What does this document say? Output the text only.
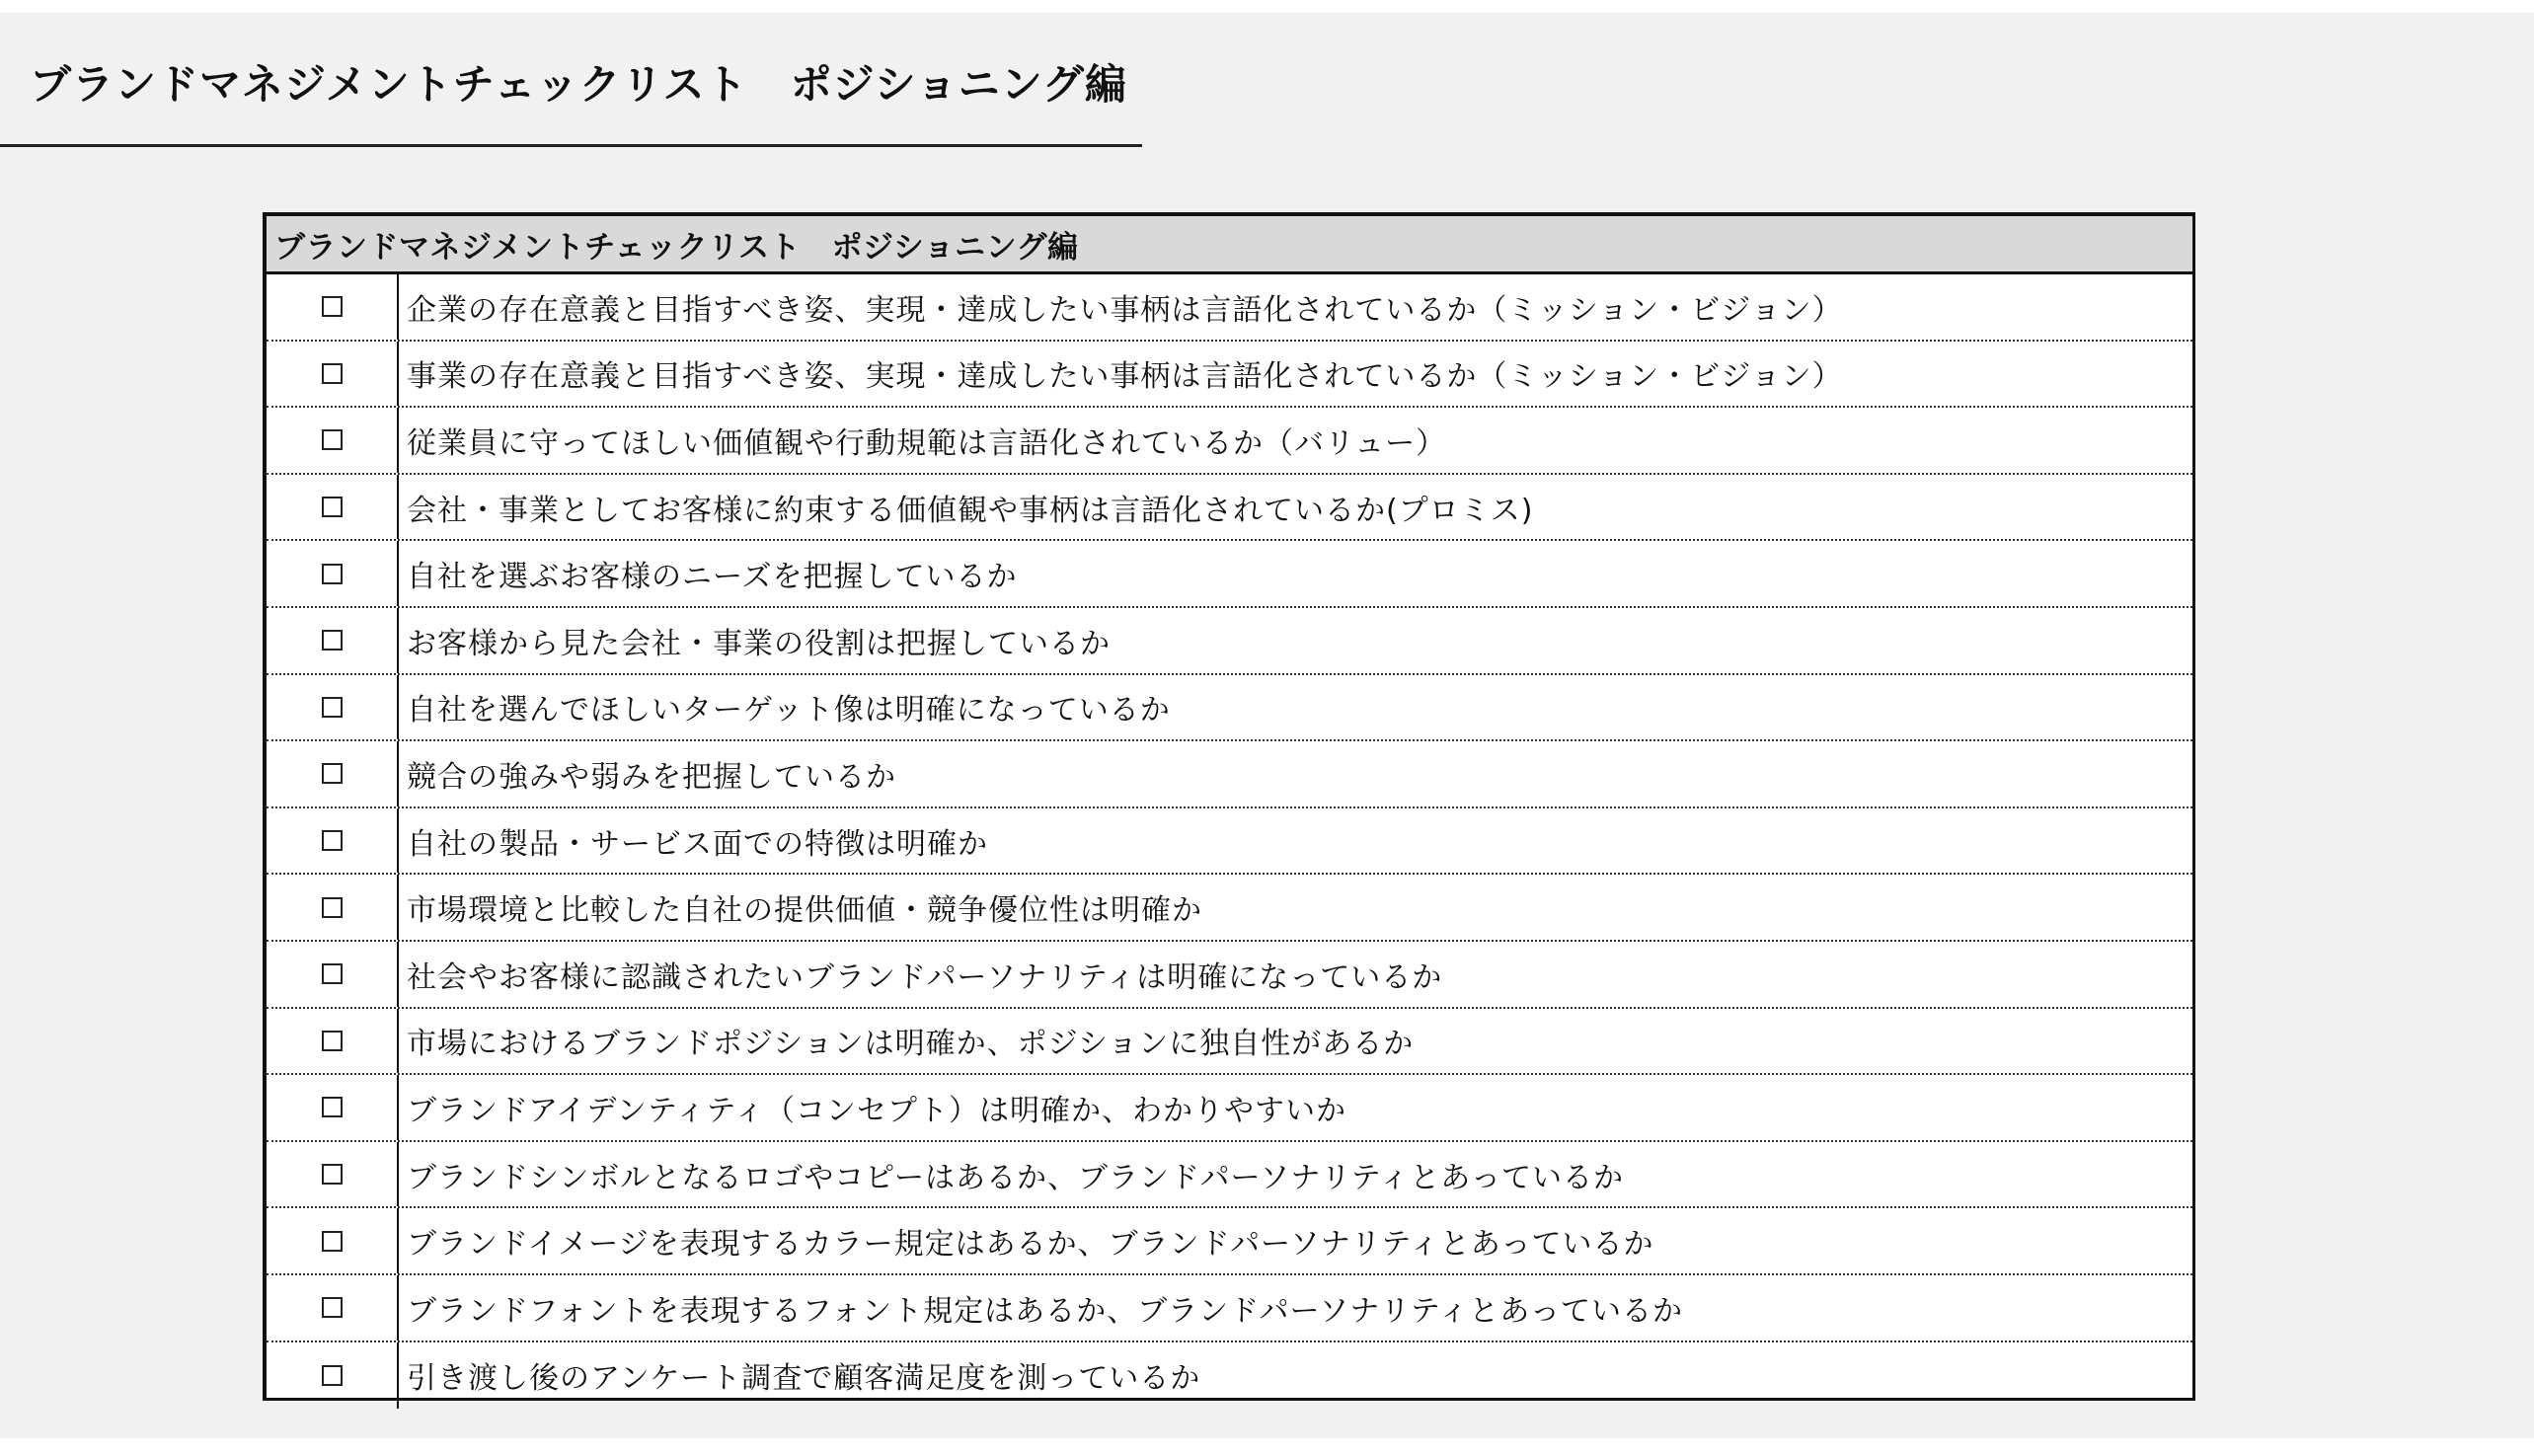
ブランドマネジメントチェックリスト　ポジショニング編
ブランドマネジメントチェックリスト　ポジショニング編
企業の存在意義と目指すべき姿、実現・達成したい事柄は言語化されているか（ミッション・ビジョン）
事業の存在意義と目指すべき姿、実現・達成したい事柄は言語化されているか（ミッション・ビジョン）
従業員に守ってほしい価値観や行動規範は言語化されているか（バリュー）
会社・事業としてお客様に約束する価値観や事柄は言語化されているか(プロミス)
自社を選ぶお客様のニーズを把握しているか
お客様から見た会社・事業の役割は把握しているか
自社を選んでほしいターゲット像は明確になっているか
競合の強みや弱みを把握しているか
自社の製品・サービス面での特徴は明確か
市場環境と比較した自社の提供価値・競争優位性は明確か
社会やお客様に認識されたいブランドパーソナリティは明確になっているか
市場におけるブランドポジションは明確か、ポジションに独自性があるか
ブランドアイデンティティ（コンセプト）は明確か、わかりやすいか
ブランドシンボルとなるロゴやコピーはあるか、ブランドパーソナリティとあっているか
ブランドイメージを表現するカラー規定はあるか、ブランドパーソナリティとあっているか
ブランドフォントを表現するフォント規定はあるか、ブランドパーソナリティとあっているか
引き渡し後のアンケート調査で顧客満足度を測っているか
